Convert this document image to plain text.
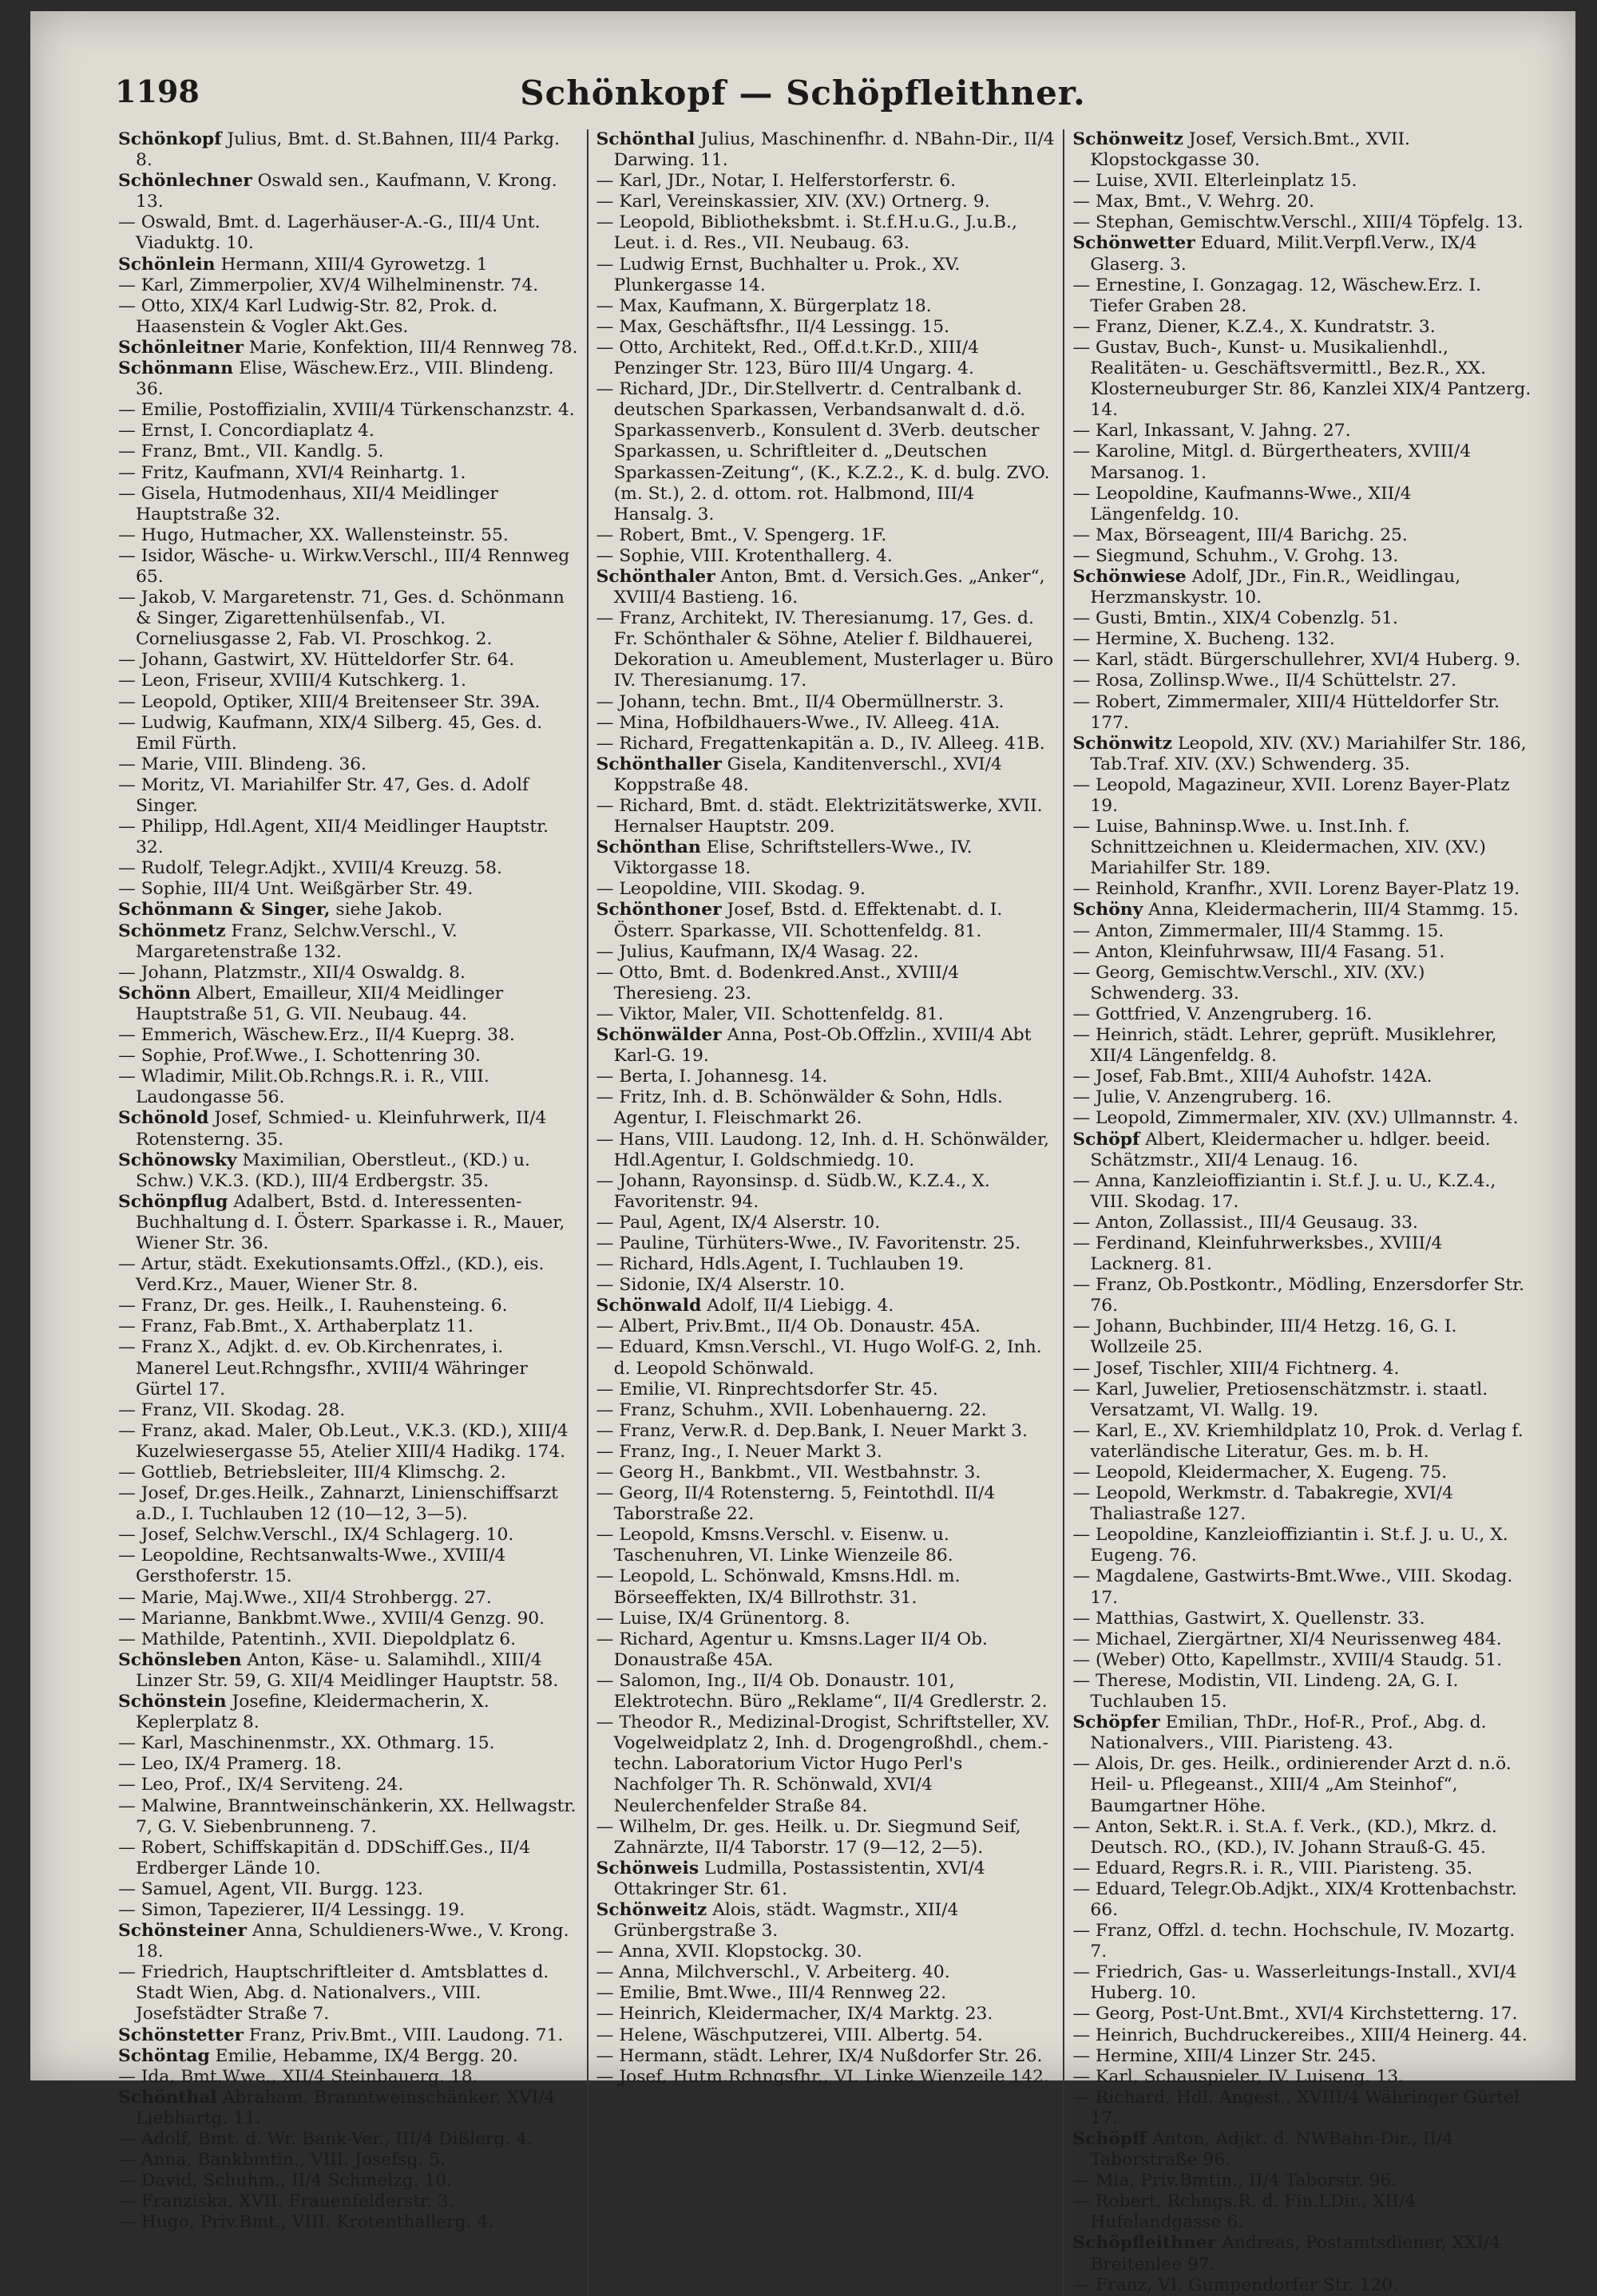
1198	Schönkopf — Schöpfleithner.

Schönkopf Julius, Bmt. d. St.Bahnen, III/4 Parkg. 8.

Schönlechner Oswald sen., Kaufmann, V. Krong. 13.

— Oswald, Bmt. d. Lagerhäuser-A.-G., III/4 Unt. Viaduktg. 10.

Schönlein Hermann, XIII/4 Gyrowetzg. 1

— Karl, Zimmerpolier, XV/4 Wilhelminenstr. 74.

— Otto, XIX/4 Karl Ludwig-Str. 82, Prok. d. Haasenstein & Vogler Akt.Ges.

Schönleitner Marie, Konfektion, III/4 Rennweg 78.

Schönmann Elise, Wäschew.Erz., VIII. Blindeng. 36.

— Emilie, Postoffizialin, XVIII/4 Türkenschanzstr. 4.

— Ernst, I. Concordiaplatz 4.

— Franz, Bmt., VII. Kandlg. 5.

— Fritz, Kaufmann, XVI/4 Reinhartg. 1.

— Gisela, Hutmodenhaus, XII/4 Meidlinger Hauptstraße 32.

— Hugo, Hutmacher, XX. Wallensteinstr. 55.

— Isidor, Wäsche- u. Wirkw.Verschl., III/4 Rennweg 65.

— Jakob, V. Margaretenstr. 71, Ges. d. Schönmann & Singer, Zigarettenhülsenfab., VI. Corneliusgasse 2, Fab. VI. Proschkog. 2.

— Johann, Gastwirt, XV. Hütteldorfer Str. 64.

— Leon, Friseur, XVIII/4 Kutschkerg. 1.

— Leopold, Optiker, XIII/4 Breitenseer Str. 39A.

— Ludwig, Kaufmann, XIX/4 Silberg. 45, Ges. d. Emil Fürth.

— Marie, VIII. Blindeng. 36.

— Moritz, VI. Mariahilfer Str. 47, Ges. d. Adolf Singer.

— Philipp, Hdl.Agent, XII/4 Meidlinger Hauptstr. 32.

— Rudolf, Telegr.Adjkt., XVIII/4 Kreuzg. 58.

— Sophie, III/4 Unt. Weißgärber Str. 49.

Schönmann & Singer, siehe Jakob.

Schönmetz Franz, Selchw.Verschl., V. Margaretenstraße 132.

— Johann, Platzmstr., XII/4 Oswaldg. 8.

Schönn Albert, Emailleur, XII/4 Meidlinger Hauptstraße 51, G. VII. Neubaug. 44.

— Emmerich, Wäschew.Erz., II/4 Kueprg. 38.

— Sophie, Prof.Wwe., I. Schottenring 30.

— Wladimir, Milit.Ob.Rchngs.R. i. R., VIII. Laudongasse 56.

Schönold Josef, Schmied- u. Kleinfuhrwerk, II/4 Rotensterng. 35.

Schönowsky Maximilian, Oberstleut., (KD.) u. Schw.) V.K.3. (KD.), III/4 Erdbergstr. 35.

Schönpflug Adalbert, Bstd. d. Interessenten-Buchhaltung d. I. Österr. Sparkasse i. R., Mauer, Wiener Str. 36.

— Artur, städt. Exekutionsamts.Offzl., (KD.), eis. Verd.Krz., Mauer, Wiener Str. 8.

— Franz, Dr. ges. Heilk., I. Rauhensteing. 6.

— Franz, Fab.Bmt., X. Arthaberplatz 11.

— Franz X., Adjkt. d. ev. Ob.Kirchenrates, i. Manerel Leut.Rchngsfhr., XVIII/4 Währinger Gürtel 17.

— Franz, VII. Skodag. 28.

— Franz, akad. Maler, Ob.Leut., V.K.3. (KD.), XIII/4 Kuzelwiesergasse 55, Atelier XIII/4 Hadikg. 174.

— Gottlieb, Betriebsleiter, III/4 Klimschg. 2.

— Josef, Dr.ges.Heilk., Zahnarzt, Linienschiffsarzt a.D., I. Tuchlauben 12 (10—12, 3—5).

— Josef, Selchw.Verschl., IX/4 Schlagerg. 10.

— Leopoldine, Rechtsanwalts-Wwe., XVIII/4 Gersthoferstr. 15.

— Marie, Maj.Wwe., XII/4 Strohbergg. 27.

— Marianne, Bankbmt.Wwe., XVIII/4 Genzg. 90.

— Mathilde, Patentinh., XVII. Diepoldplatz 6.

Schönsleben Anton, Käse- u. Salamihdl., XIII/4 Linzer Str. 59, G. XII/4 Meidlinger Hauptstr. 58.

Schönstein Josefine, Kleidermacherin, X. Keplerplatz 8.

— Karl, Maschinenmstr., XX. Othmarg. 15.

— Leo, IX/4 Pramerg. 18.

— Leo, Prof., IX/4 Serviteng. 24.

— Malwine, Branntweinschänkerin, XX. Hellwagstr. 7, G. V. Siebenbrunneng. 7.

— Robert, Schiffskapitän d. DDSchiff.Ges., II/4 Erdberger Lände 10.

— Samuel, Agent, VII. Burgg. 123.

— Simon, Tapezierer, II/4 Lessingg. 19.

Schönsteiner Anna, Schuldieners-Wwe., V. Krong. 18.

— Friedrich, Hauptschriftleiter d. Amtsblattes d. Stadt Wien, Abg. d. Nationalvers., VIII. Josefstädter Straße 7.

Schönstetter Franz, Priv.Bmt., VIII. Laudong. 71.

Schöntag Emilie, Hebamme, IX/4 Bergg. 20.

— Ida, Bmt.Wwe., XII/4 Steinbauerg. 18.

Schönthal Abraham, Branntweinschänker, XVI/4 Liebhartg. 11.

— Adolf, Bmt. d. Wr. Bank-Ver., III/4 Dißlerg. 4.

— Anna, Bankbmtin., VIII. Josefsg. 5.

— David, Schuhm., II/4 Schmelzg. 10.

— Franziska, XVII. Frauenfelderstr. 3.

— Hugo, Priv.Bmt., VIII. Krotenthallerg. 4.

Schönthal Julius, Maschinenfhr. d. NBahn-Dir., II/4 Darwing. 11.

— Karl, JDr., Notar, I. Helferstorferstr. 6.

— Karl, Vereinskassier, XIV. (XV.) Ortnerg. 9.

— Leopold, Bibliotheksbmt. i. St.f.H.u.G., J.u.B., Leut. i. d. Res., VII. Neubaug. 63.

— Ludwig Ernst, Buchhalter u. Prok., XV. Plunkergasse 14.

— Max, Kaufmann, X. Bürgerplatz 18.

— Max, Geschäftsfhr., II/4 Lessingg. 15.

— Otto, Architekt, Red., Off.d.t.Kr.D., XIII/4 Penzinger Str. 123, Büro III/4 Ungarg. 4.

— Richard, JDr., Dir.Stellvertr. d. Centralbank d. deutschen Sparkassen, Verbandsanwalt d. d.ö. Sparkassenverb., Konsulent d. 3Verb. deutscher Sparkassen, u. Schriftleiter d. „Deutschen Sparkassen-Zeitung“, (K., K.Z.2., K. d. bulg. ZVO. (m. St.), 2. d. ottom. rot. Halbmond, III/4 Hansalg. 3.

— Robert, Bmt., V. Spengerg. 1F.

— Sophie, VIII. Krotenthallerg. 4.

Schönthaler Anton, Bmt. d. Versich.Ges. „Anker“, XVIII/4 Bastieng. 16.

— Franz, Architekt, IV. Theresianumg. 17, Ges. d. Fr. Schönthaler & Söhne, Atelier f. Bildhauerei, Dekoration u. Ameublement, Musterlager u. Büro IV. Theresianumg. 17.

— Johann, techn. Bmt., II/4 Obermüllnerstr. 3.

— Mina, Hofbildhauers-Wwe., IV. Alleeg. 41A.

— Richard, Fregattenkapitän a. D., IV. Alleeg. 41B.

Schönthaller Gisela, Kanditenverschl., XVI/4 Koppstraße 48.

— Richard, Bmt. d. städt. Elektrizitätswerke, XVII. Hernalser Hauptstr. 209.

Schönthan Elise, Schriftstellers-Wwe., IV. Viktorgasse 18.

— Leopoldine, VIII. Skodag. 9.

Schönthoner Josef, Bstd. d. Effektenabt. d. I. Österr. Sparkasse, VII. Schottenfeldg. 81.

— Julius, Kaufmann, IX/4 Wasag. 22.

— Otto, Bmt. d. Bodenkred.Anst., XVIII/4 Theresieng. 23.

— Viktor, Maler, VII. Schottenfeldg. 81.

Schönwälder Anna, Post-Ob.Offzlin., XVIII/4 Abt Karl-G. 19.

— Berta, I. Johannesg. 14.

— Fritz, Inh. d. B. Schönwälder & Sohn, Hdls. Agentur, I. Fleischmarkt 26.

— Hans, VIII. Laudong. 12, Inh. d. H. Schönwälder, Hdl.Agentur, I. Goldschmiedg. 10.

— Johann, Rayonsinsp. d. Südb.W., K.Z.4., X. Favoritenstr. 94.

— Paul, Agent, IX/4 Alserstr. 10.

— Pauline, Türhüters-Wwe., IV. Favoritenstr. 25.

— Richard, Hdls.Agent, I. Tuchlauben 19.

— Sidonie, IX/4 Alserstr. 10.

Schönwald Adolf, II/4 Liebigg. 4.

— Albert, Priv.Bmt., II/4 Ob. Donaustr. 45A.

— Eduard, Kmsn.Verschl., VI. Hugo Wolf-G. 2, Inh. d. Leopold Schönwald.

— Emilie, VI. Rinprechtsdorfer Str. 45.

— Franz, Schuhm., XVII. Lobenhauerng. 22.

— Franz, Verw.R. d. Dep.Bank, I. Neuer Markt 3.

— Franz, Ing., I. Neuer Markt 3.

— Georg H., Bankbmt., VII. Westbahnstr. 3.

— Georg, II/4 Rotensterng. 5, Feintothdl. II/4 Taborstraße 22.

— Leopold, Kmsns.Verschl. v. Eisenw. u. Taschenuhren, VI. Linke Wienzeile 86.

— Leopold, L. Schönwald, Kmsns.Hdl. m. Börseeffekten, IX/4 Billrothstr. 31.

— Luise, IX/4 Grünentorg. 8.

— Richard, Agentur u. Kmsns.Lager II/4 Ob. Donaustraße 45A.

— Salomon, Ing., II/4 Ob. Donaustr. 101, Elektrotechn. Büro „Reklame“, II/4 Gredlerstr. 2.

— Theodor R., Medizinal-Drogist, Schriftsteller, XV. Vogelweidplatz 2, Inh. d. Drogengroßhdl., chem.-techn. Laboratorium Victor Hugo Perl's Nachfolger Th. R. Schönwald, XVI/4 Neulerchenfelder Straße 84.

— Wilhelm, Dr. ges. Heilk. u. Dr. Siegmund Seif, Zahnärzte, II/4 Taborstr. 17 (9—12, 2—5).

Schönweis Ludmilla, Postassistentin, XVI/4 Ottakringer Str. 61.

Schönweitz Alois, städt. Wagmstr., XII/4 Grünbergstraße 3.

— Anna, XVII. Klopstockg. 30.

— Anna, Milchverschl., V. Arbeiterg. 40.

— Emilie, Bmt.Wwe., III/4 Rennweg 22.

— Heinrich, Kleidermacher, IX/4 Marktg. 23.

— Helene, Wäschputzerei, VIII. Albertg. 54.

— Hermann, städt. Lehrer, IX/4 Nußdorfer Str. 26.

— Josef, Hutm.Rchngsfhr., VI. Linke Wienzeile 142.

Schönweitz Josef, Versich.Bmt., XVII. Klopstockgasse 30.

— Luise, XVII. Elterleinplatz 15.

— Max, Bmt., V. Wehrg. 20.

— Stephan, Gemischtw.Verschl., XIII/4 Töpfelg. 13.

Schönwetter Eduard, Milit.Verpfl.Verw., IX/4 Glaserg. 3.

— Ernestine, I. Gonzagag. 12, Wäschew.Erz. I. Tiefer Graben 28.

— Franz, Diener, K.Z.4., X. Kundratstr. 3.

— Gustav, Buch-, Kunst- u. Musikalienhdl., Realitäten- u. Geschäftsvermittl., Bez.R., XX. Klosterneuburger Str. 86, Kanzlei XIX/4 Pantzerg. 14.

— Karl, Inkassant, V. Jahng. 27.

— Karoline, Mitgl. d. Bürgertheaters, XVIII/4 Marsanog. 1.

— Leopoldine, Kaufmanns-Wwe., XII/4 Längenfeldg. 10.

— Max, Börseagent, III/4 Barichg. 25.

— Siegmund, Schuhm., V. Grohg. 13.

Schönwiese Adolf, JDr., Fin.R., Weidlingau, Herzmanskystr. 10.

— Gusti, Bmtin., XIX/4 Cobenzlg. 51.

— Hermine, X. Bucheng. 132.

— Karl, städt. Bürgerschullehrer, XVI/4 Huberg. 9.

— Rosa, Zollinsp.Wwe., II/4 Schüttelstr. 27.

— Robert, Zimmermaler, XIII/4 Hütteldorfer Str. 177.

Schönwitz Leopold, XIV. (XV.) Mariahilfer Str. 186, Tab.Traf. XIV. (XV.) Schwenderg. 35.

— Leopold, Magazineur, XVII. Lorenz Bayer-Platz 19.

— Luise, Bahninsp.Wwe. u. Inst.Inh. f. Schnittzeichnen u. Kleidermachen, XIV. (XV.) Mariahilfer Str. 189.

— Reinhold, Kranfhr., XVII. Lorenz Bayer-Platz 19.

Schöny Anna, Kleidermacherin, III/4 Stammg. 15.

— Anton, Zimmermaler, III/4 Stammg. 15.

— Anton, Kleinfuhrwsaw, III/4 Fasang. 51.

— Georg, Gemischtw.Verschl., XIV. (XV.) Schwenderg. 33.

— Gottfried, V. Anzengruberg. 16.

— Heinrich, städt. Lehrer, geprüft. Musiklehrer, XII/4 Längenfeldg. 8.

— Josef, Fab.Bmt., XIII/4 Auhofstr. 142A.

— Julie, V. Anzengruberg. 16.

— Leopold, Zimmermaler, XIV. (XV.) Ullmannstr. 4.

Schöpf Albert, Kleidermacher u. hdlger. beeid. Schätzmstr., XII/4 Lenaug. 16.

— Anna, Kanzleioffiziantin i. St.f. J. u. U., K.Z.4., VIII. Skodag. 17.

— Anton, Zollassist., III/4 Geusaug. 33.

— Ferdinand, Kleinfuhrwerksbes., XVIII/4 Lacknerg. 81.

— Franz, Ob.Postkontr., Mödling, Enzersdorfer Str. 76.

— Johann, Buchbinder, III/4 Hetzg. 16, G. I. Wollzeile 25.

— Josef, Tischler, XIII/4 Fichtnerg. 4.

— Karl, Juwelier, Pretiosenschätzmstr. i. staatl. Versatzamt, VI. Wallg. 19.

— Karl, E., XV. Kriemhildplatz 10, Prok. d. Verlag f. vaterländische Literatur, Ges. m. b. H.

— Leopold, Kleidermacher, X. Eugeng. 75.

— Leopold, Werkmstr. d. Tabakregie, XVI/4 Thaliastraße 127.

— Leopoldine, Kanzleioffiziantin i. St.f. J. u. U., X. Eugeng. 76.

— Magdalene, Gastwirts-Bmt.Wwe., VIII. Skodag. 17.

— Matthias, Gastwirt, X. Quellenstr. 33.

— Michael, Ziergärtner, XI/4 Neurissenweg 484.

— (Weber) Otto, Kapellmstr., XVIII/4 Staudg. 51.

— Therese, Modistin, VII. Lindeng. 2A, G. I. Tuchlauben 15.

Schöpfer Emilian, ThDr., Hof-R., Prof., Abg. d. Nationalvers., VIII. Piaristeng. 43.

— Alois, Dr. ges. Heilk., ordinierender Arzt d. n.ö. Heil- u. Pflegeanst., XIII/4 „Am Steinhof“, Baumgartner Höhe.

— Anton, Sekt.R. i. St.A. f. Verk., (KD.), Mkrz. d. Deutsch. RO., (KD.), IV. Johann Strauß-G. 45.

— Eduard, Regrs.R. i. R., VIII. Piaristeng. 35.

— Eduard, Telegr.Ob.Adjkt., XIX/4 Krottenbachstr. 66.

— Franz, Offzl. d. techn. Hochschule, IV. Mozartg. 7.

— Friedrich, Gas- u. Wasserleitungs-Install., XVI/4 Huberg. 10.

— Georg, Post-Unt.Bmt., XVI/4 Kirchstetterng. 17.

— Heinrich, Buchdruckereibes., XIII/4 Heinerg. 44.

— Hermine, XIII/4 Linzer Str. 245.

— Karl, Schauspieler, IV. Luiseng. 13.

— Richard, Hdl. Angest., XVIII/4 Währinger Gürtel 17.

Schöpff Anton, Adjkt. d. NWBahn-Dir., II/4 Taborstraße 96.

— Mia, Priv.Bmtin., II/4 Taborstr. 96.

— Robert, Rchngs.R. d. Fin.LDir., XII/4 Hufelandgasse 6.

Schöpfleithner Andreas, Postamtsdiener, XXI/4 Breitenlee 97.

— Franz, VI. Gumpendorfer Str. 120.
